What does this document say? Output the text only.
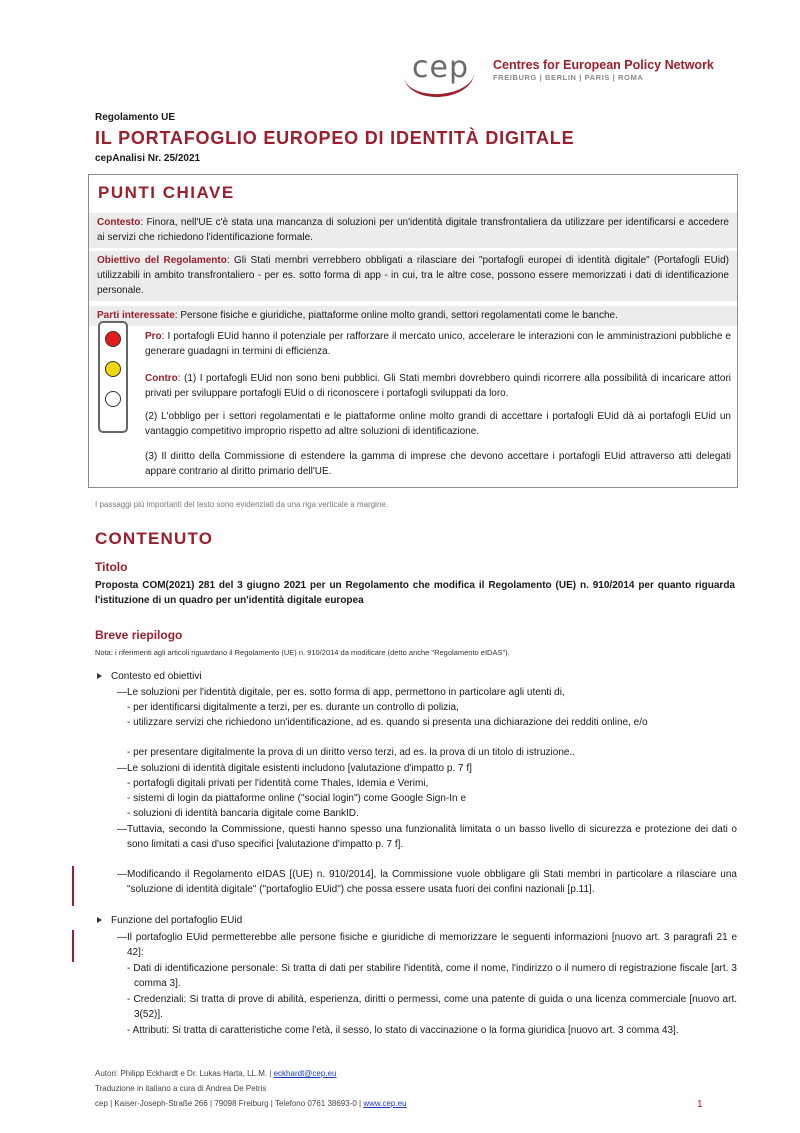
cep Centres for European Policy Network
FREIBURG | BERLIN | PARIS | ROMA
Regolamento UE
IL PORTAFOGLIO EUROPEO DI IDENTITÀ DIGITALE
cepAnalisi Nr. 25/2021
PUNTI CHIAVE
Contesto: Finora, nell'UE c'è stata una mancanza di soluzioni per un'identità digitale transfrontaliera da utilizzare per identificarsi e accedere ai servizi che richiedono l'identificazione formale.
Obiettivo del Regolamento: Gli Stati membri verrebbero obbligati a rilasciare dei "portafogli europei di identità digitale" (Portafogli EUid) utilizzabili in ambito transfrontaliero - per es. sotto forma di app - in cui, tra le altre cose, possono essere memorizzati i dati di identificazione personale.
Parti interessate: Persone fisiche e giuridiche, piattaforme online molto grandi, settori regolamentati come le banche.
Pro: I portafogli EUid hanno il potenziale per rafforzare il mercato unico, accelerare le interazioni con le amministrazioni pubbliche e generare guadagni in termini di efficienza.
Contro: (1) I portafogli EUid non sono beni pubblici. Gli Stati membri dovrebbero quindi ricorrere alla possibilità di incaricare attori privati per sviluppare portafogli EUid o di riconoscere i portafogli sviluppati da loro.
(2) L'obbligo per i settori regolamentati e le piattaforme online molto grandi di accettare i portafogli EUid dà ai portafogli EUid un vantaggio competitivo improprio rispetto ad altre soluzioni di identificazione.
(3) Il diritto della Commissione di estendere la gamma di imprese che devono accettare i portafogli EUid attraverso atti delegati appare contrario al diritto primario dell'UE.
I passaggi più importanti del testo sono evidenziati da una riga verticale a margine.
CONTENUTO
Titolo
Proposta COM(2021) 281 del 3 giugno 2021 per un Regolamento che modifica il Regolamento (UE) n. 910/2014 per quanto riguarda l'istituzione di un quadro per un'identità digitale europea
Breve riepilogo
Nota: i riferimenti agli articoli riguardano il Regolamento (UE) n. 910/2014 da modificare (detto anche "Regolamento eIDAS").
Contesto ed obiettivi
— Le soluzioni per l'identità digitale, per es. sotto forma di app, permettono in particolare agli utenti di,
- per identificarsi digitalmente a terzi, per es. durante un controllo di polizia,
- utilizzare servizi che richiedono un'identificazione, ad es. quando si presenta una dichiarazione dei redditi online, e/o
- per presentare digitalmente la prova di un diritto verso terzi, ad es. la prova di un titolo di istruzione..
— Le soluzioni di identità digitale esistenti includono [valutazione d'impatto p. 7 f]
- portafogli digitali privati per l'identità come Thales, Idemia e Verimi,
- sistemi di login da piattaforme online ("social login") come Google Sign-In e
- soluzioni di identità bancaria digitale come BankID.
— Tuttavia, secondo la Commissione, questi hanno spesso una funzionalità limitata o un basso livello di sicurezza e protezione dei dati o sono limitati a casi d'uso specifici [valutazione d'impatto p. 7 f].
— Modificando il Regolamento eIDAS [(UE) n. 910/2014], la Commissione vuole obbligare gli Stati membri in particolare a rilasciare una "soluzione di identità digitale" ("portafoglio EUid") che possa essere usata fuori dei confini nazionali [p.11].
Funzione del portafoglio EUid
— Il portafoglio EUid permetterebbe alle persone fisiche e giuridiche di memorizzare le seguenti informazioni [nuovo art. 3 paragrafi 21 e 42]:
- Dati di identificazione personale: Si tratta di dati per stabilire l'identità, come il nome, l'indirizzo o il numero di registrazione fiscale [art. 3 comma 3].
- Credenziali: Si tratta di prove di abilità, esperienza, diritti o permessi, come una patente di guida o una licenza commerciale [nuovo art. 3(52)].
- Attributi: Si tratta di caratteristiche come l'età, il sesso, lo stato di vaccinazione o la forma giuridica [nuovo art. 3 comma 43].
Autori: Philipp Eckhardt e Dr. Lukas Harta, LL.M. | eckhardt@cep.eu
Traduzione in italiano a cura di Andrea De Petris
cep | Kaiser-Joseph-Straße 266 | 79098 Freiburg | Telefono 0761 38693-0 | www.cep.eu	1
